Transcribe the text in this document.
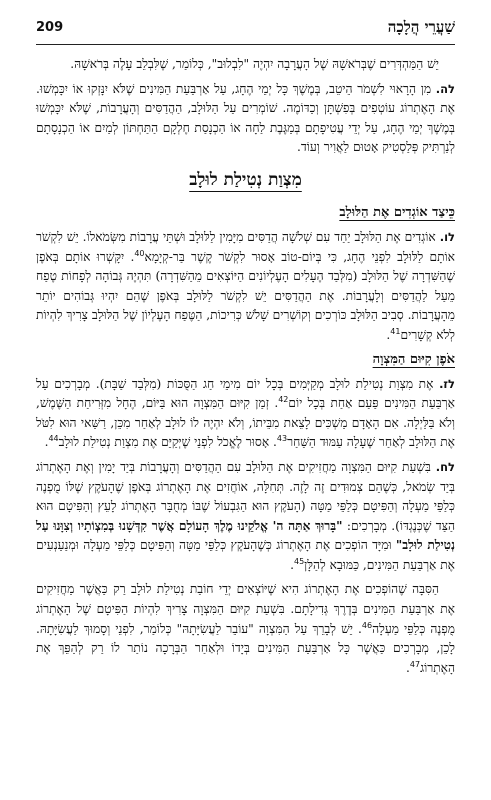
209	שַׁעֲרֵי הֲלָכָה

יֵשׁ הַמַּהְדְּרִים שֶׁבְּרֹאשָׁהּ שֶׁל הָעֲרָבָה יִהְיֶה "לִבְלוּב", כְּלוֹמַר, שֶׁלִּבְלֵב עָלֶה בְּרֹאשָׁהּ.

לה. מִן הָרָאוּי לִשְׁמֹר הֵיטֵב, בְּמֶשֶׁךְ כָּל יְמֵי הֶחָג, עַל אַרְבַּעַת הַמִּינִים שֶׁלֹּא יִנָּזְקוּ אוֹ יִכָּמְשׁוּ. אֶת הָאֶתְרוֹג עוֹטְפִים בְּפִשְׁתָּן וְכַדּוֹמֶה. שׁוֹמְרִים עַל הַלּוּלָב, הַהֲדַסִּים וְהָעֲרָבוֹת, שֶׁלֹּא יִכָּמְשׁוּ בְּמֶשֶׁךְ יְמֵי הֶחָג, עַל יְדֵי עֲטִיפָתָם בְּמַגֶּבֶת לַחָה אוֹ הַכְנָסַת חֶלְקָם הַתַּחְתּוֹן לְמַיִם אוֹ הַכְנָסָתָם לְנַרְתִּיק פְּלַסְטִיק אָטוּם לַאֲוִיר וְעוֹד.

מִצְוַת נְטִילַת לוּלָב
כֵּיצַד אוֹגְדִים אֶת הַלּוּלָב

לו. אוֹגְדִים אֶת הַלּוּלָב יַחַד עִם שְׁלֹשָׁה הֲדַסִּים מִיָּמִין לַלּוּלָב וּשְׁתֵּי עֲרָבוֹת מִשְּׂמֹאלוֹ. יֵשׁ לִקְשֹׁר אוֹתָם לַלּוּלָב לִפְנֵי הֶחָג, כִּי בְּיוֹם-טוֹב אָסוּר לִקְשֹׁר קֶשֶׁר בַּר-קְיָמָא$^{40}$. יִקָּשְׁרוּ אוֹתָם בְּאֹפֶן שֶׁהַשִּׁדְרָה שֶׁל הַלּוּלָב (מִלְּבַד הֶעָלִים הָעֶלְיוֹנִים הַיּוֹצְאִים מֵהַשִּׁדְרָה) תִּהְיֶה גְּבוֹהָה לְפָחוֹת טֶפַח מֵעַל לַהֲדַסִּים וְלָעֲרָבוֹת. אֶת הַהֲדַסִּים יֵשׁ לִקְשֹׁר לַלּוּלָב בְּאֹפֶן שֶׁהֵם יִהְיוּ גְּבוֹהִים יוֹתֵר מֵהָעֲרָבוֹת. סְבִיב הַלּוּלָב כּוֹרְכִים וְקוֹשְׁרִים שָׁלֹשׁ כְּרִיכוֹת, הַטֶּפַח הָעֶלְיוֹן שֶׁל הַלּוּלָב צָרִיךְ לִהְיוֹת לְלֹא קְשָׁרִים$^{41}$.

אֹפֶן קִיּוּם הַמִּצְוָה

לז. אֶת מִצְוַת נְטִילַת לוּלָב מְקַיְּמִים בְּכָל יוֹם מִימֵי חַג הַסֻּכּוֹת (מִלְּבַד שַׁבָּת). מְבָרְכִים עַל אַרְבַּעַת הַמִּינִים פַּעַם אַחַת בְּכָל יוֹם$^{42}$. זְמַן קִיּוּם הַמִּצְוָה הוּא בַּיּוֹם, הֶחָל מִזְּרִיחַת הַשֶּׁמֶשׁ, וְלֹא בַּלַּיְלָה. אִם הָאָדָם מַשְׁכִּים לָצֵאת מִבֵּיתוֹ, וְלֹא יִהְיֶה לוֹ לוּלָב לְאַחַר מִכֵּן, רַשַּׁאי הוּא לִטֹּל אֶת הַלּוּלָב לְאַחַר שֶׁעָלָה עַמּוּד הַשַּׁחַר$^{43}$. אָסוּר לֶאֱכֹל לִפְנֵי שֶׁיְּקַיֵּם אֶת מִצְוַת נְטִילַת לוּלָב$^{44}$.

לח. בִּשְׁעַת קִיּוּם הַמִּצְוָה מַחֲזִיקִים אֶת הַלּוּלָב עִם הַהֲדַסִּים וְהָעֲרָבוֹת בְּיַד יָמִין וְאֶת הָאֶתְרוֹג בְּיַד שְׂמֹאל, כְּשֶׁהֵם צְמוּדִים זֶה לָזֶה. תְּחִלָּה, אוֹחֲזִים אֶת הָאֶתְרוֹג בְּאֹפֶן שֶׁהָעֹקֶץ שֶׁלּוֹ מֻפְנֶה כְּלַפֵּי מַעְלָה וְהַפִּיטָם כְּלַפֵּי מַטָּה (הָעֹקֶץ הוּא הַגִּבְעוֹל שֶׁבּוֹ מְחֻבָּר הָאֶתְרוֹג לָעֵץ וְהַפִּיטָם הוּא הַצַּד שֶׁכְּנֶגְדּוֹ). מְבָרְכִים: "בָּרוּךְ אַתָּה ה' אֱלֹקֵינוּ מֶלֶךְ הָעוֹלָם אֲשֶׁר קִדְּשָׁנוּ בְּמִצְוֹתָיו וְצִוָּנוּ עַל נְטִילַת לוּלָב" וּמִיָּד הוֹפְכִים אֶת הָאֶתְרוֹג כְּשֶׁהָעֹקֶץ כְּלַפֵּי מַטָּה וְהַפִּיטָם כְּלַפֵּי מַעְלָה וּמְנַעַנְעִים אֶת אַרְבַּעַת הַמִּינִים, כַּמּוּבָא לְהַלָּן$^{45}$.

הַסִּבָּה שֶׁהוֹפְכִים אֶת הָאֶתְרוֹג הִיא שֶׁיּוֹצְאִים יְדֵי חוֹבַת נְטִילַת לוּלָב רַק כַּאֲשֶׁר מַחֲזִיקִים אֶת אַרְבַּעַת הַמִּינִים בְּדֶרֶךְ גְּדִילָתָם. בִּשְׁעַת קִיּוּם הַמִּצְוָה צָרִיךְ לִהְיוֹת הַפִּיטָם שֶׁל הָאֶתְרוֹג מֻפְנֶה כְּלַפֵּי מַעְלָה$^{46}$. יֵשׁ לְבָרֵךְ עַל הַמִּצְוָה "עוֹבֵר לַעֲשִׂיָּתָהּ" כְּלוֹמַר, לִפְנֵי וְסָמוּךְ לַעֲשִׂיָּתָהּ. לָכֵן, מְבָרְכִים כַּאֲשֶׁר כָּל אַרְבַּעַת הַמִּינִים בְּיָדוֹ וּלְאַחַר הַבְּרָכָה נוֹתַר לוֹ רַק לְהַפֵּךְ אֶת הָאֶתְרוֹג$^{47}$.
